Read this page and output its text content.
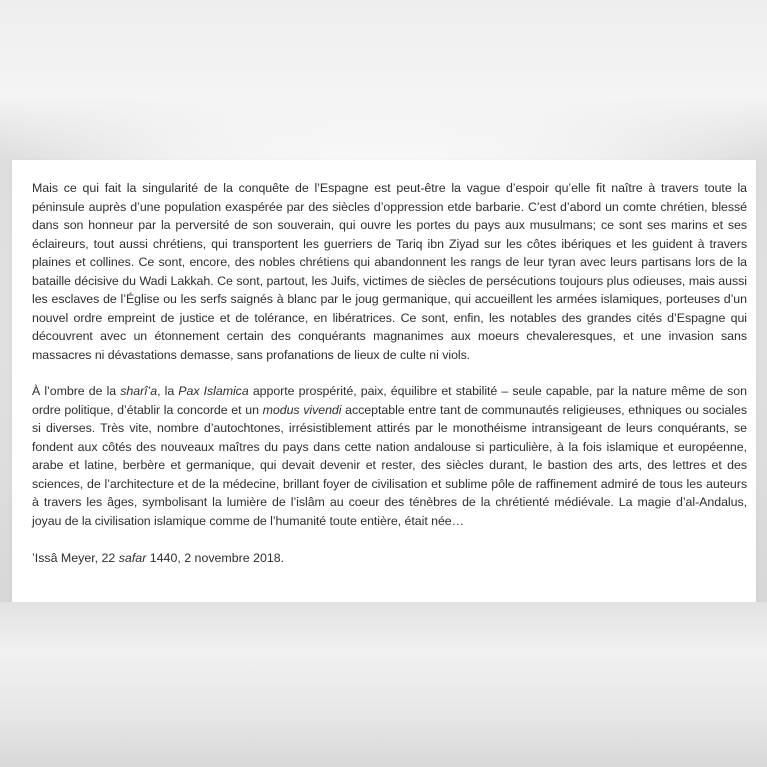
Mais ce qui fait la singularité de la conquête de l’Espagne est peut-être la vague d’espoir qu’elle fit naître à travers toute la péninsule auprès d’une population exaspérée par des siècles d’oppression etde barbarie. C’est d’abord un comte chrétien, blessé dans son honneur par la perversité de son souverain, qui ouvre les portes du pays aux musulmans; ce sont ses marins et ses éclaireurs, tout aussi chrétiens, qui transportent les guerriers de Tariq ibn Ziyad sur les côtes ibériques et les guident à travers plaines et collines. Ce sont, encore, des nobles chrétiens qui abandonnent les rangs de leur tyran avec leurs partisans lors de la bataille décisive du Wadi Lakkah. Ce sont, partout, les Juifs, victimes de siècles de persécutions toujours plus odieuses, mais aussi les esclaves de l’Église ou les serfs saignés à blanc par le joug germanique, qui accueillent les armées islamiques, porteuses d’un nouvel ordre empreint de justice et de tolérance, en libératrices. Ce sont, enfin, les notables des grandes cités d’Espagne qui découvrent avec un étonnement certain des conquérants magnanimes aux moeurs chevaleresques, et une invasion sans massacres ni dévastations demasse, sans profanations de lieux de culte ni viols.

À l’ombre de la sharî’a, la Pax Islamica apporte prospérité, paix, équilibre et stabilité – seule capable, par la nature même de son ordre politique, d’établir la concorde et un modus vivendi acceptable entre tant de communautés religieuses, ethniques ou sociales si diverses. Très vite, nombre d’autochtones, irrésistiblement attirés par le monothéisme intransigeant de leurs conquérants, se fondent aux côtés des nouveaux maîtres du pays dans cette nation andalouse si particulière, à la fois islamique et européenne, arabe et latine, berbère et germanique, qui devait devenir et rester, des siècles durant, le bastion des arts, des lettres et des sciences, de l’architecture et de la médecine, brillant foyer de civilisation et sublime pôle de raffinement admiré de tous les auteurs à travers les âges, symbolisant la lumière de l’islâm au coeur des ténèbres de la chrétienté médiévale. La magie d’al-Andalus, joyau de la civilisation islamique comme de l’humanité toute entière, était née…

’Issâ Meyer, 22 safar 1440, 2 novembre 2018.
